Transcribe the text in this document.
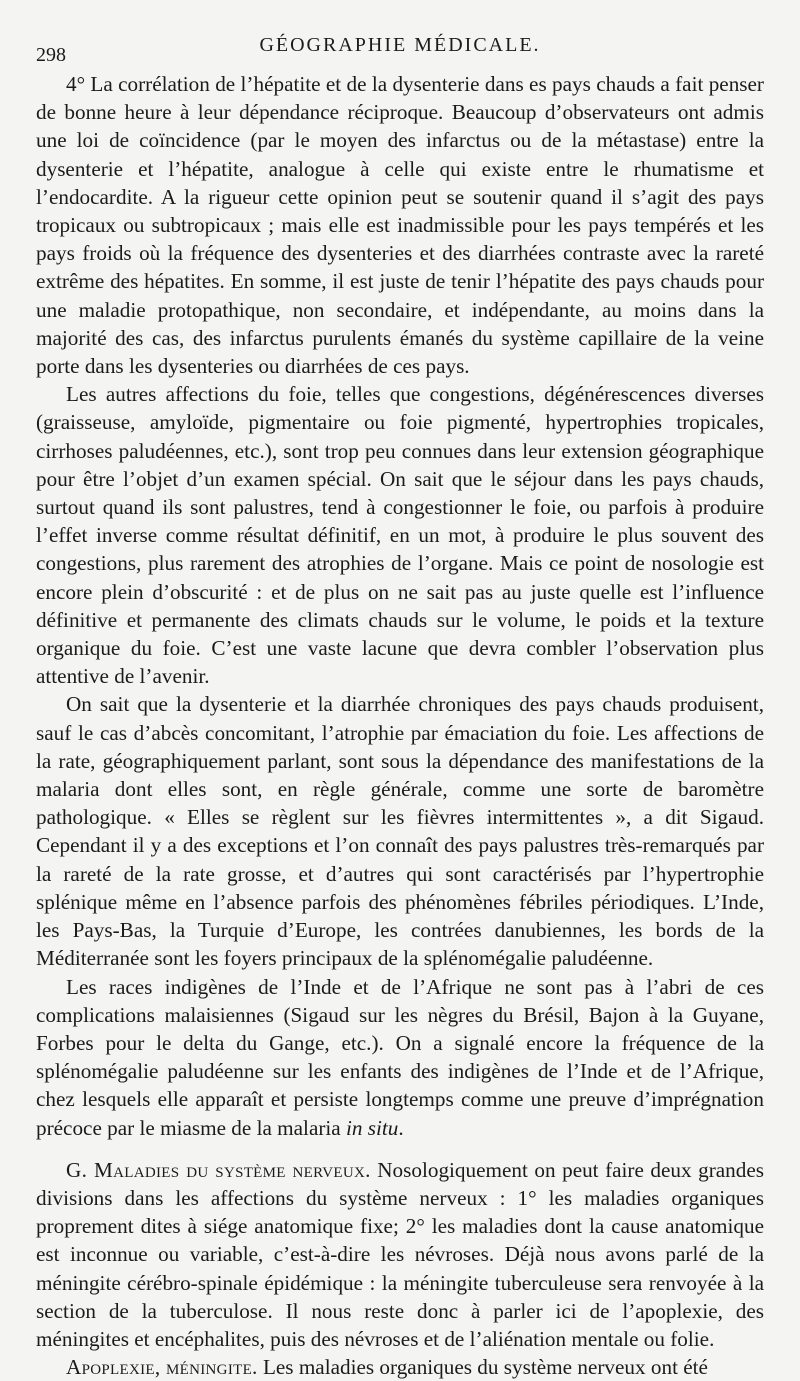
298	GÉOGRAPHIE MÉDICALE.

4° La corrélation de l’hépatite et de la dysenterie dans es pays chauds a fait penser de bonne heure à leur dépendance réciproque. Beaucoup d’observateurs ont admis une loi de coïncidence (par le moyen des infarctus ou de la métastase) entre la dysenterie et l’hépatite, analogue à celle qui existe entre le rhumatisme et l’endocardite. A la rigueur cette opinion peut se soutenir quand il s’agit des pays tropicaux ou subtropicaux ; mais elle est inadmissible pour les pays tempérés et les pays froids où la fréquence des dysenteries et des diarrhées contraste avec la rareté extrême des hépatites. En somme, il est juste de tenir l’hépatite des pays chauds pour une maladie protopathique, non secondaire, et indépendante, au moins dans la majorité des cas, des infarctus purulents émanés du système capillaire de la veine porte dans les dysenteries ou diarrhées de ces pays.

Les autres affections du foie, telles que congestions, dégénérescences diverses (graisseuse, amyloïde, pigmentaire ou foie pigmenté, hypertrophies tropicales, cirrhoses paludéennes, etc.), sont trop peu connues dans leur extension géographique pour être l’objet d’un examen spécial. On sait que le séjour dans les pays chauds, surtout quand ils sont palustres, tend à congestionner le foie, ou parfois à produire l’effet inverse comme résultat définitif, en un mot, à produire le plus souvent des congestions, plus rarement des atrophies de l’organe. Mais ce point de nosologie est encore plein d’obscurité : et de plus on ne sait pas au juste quelle est l’influence définitive et permanente des climats chauds sur le volume, le poids et la texture organique du foie. C’est une vaste lacune que devra combler l’observation plus attentive de l’avenir.

On sait que la dysenterie et la diarrhée chroniques des pays chauds produisent, sauf le cas d’abcès concomitant, l’atrophie par émaciation du foie. Les affections de la rate, géographiquement parlant, sont sous la dépendance des manifestations de la malaria dont elles sont, en règle générale, comme une sorte de baromètre pathologique. « Elles se règlent sur les fièvres intermittentes », a dit Sigaud. Cependant il y a des exceptions et l’on connaît des pays palustres très-remarqués par la rareté de la rate grosse, et d’autres qui sont caractérisés par l’hypertrophie splénique même en l’absence parfois des phénomènes fébriles périodiques. L’Inde, les Pays-Bas, la Turquie d’Europe, les contrées danubiennes, les bords de la Méditerranée sont les foyers principaux de la splénomégalie paludéenne.

Les races indigènes de l’Inde et de l’Afrique ne sont pas à l’abri de ces complications malaisiennes (Sigaud sur les nègres du Brésil, Bajon à la Guyane, Forbes pour le delta du Gange, etc.). On a signalé encore la fréquence de la splénomégalie paludéenne sur les enfants des indigènes de l’Inde et de l’Afrique, chez lesquels elle apparaît et persiste longtemps comme une preuve d’imprégnation précoce par le miasme de la malaria in situ.

G. Maladies du système nerveux. Nosologiquement on peut faire deux grandes divisions dans les affections du système nerveux : 1° les maladies organiques proprement dites à siége anatomique fixe; 2° les maladies dont la cause anatomique est inconnue ou variable, c’est-à-dire les névroses. Déjà nous avons parlé de la méningite cérébro-spinale épidémique : la méningite tuberculeuse sera renvoyée à la section de la tuberculose. Il nous reste donc à parler ici de l’apoplexie, des méningites et encéphalites, puis des névroses et de l’aliénation mentale ou folie.

Apoplexie, méningite. Les maladies organiques du système nerveux ont été
